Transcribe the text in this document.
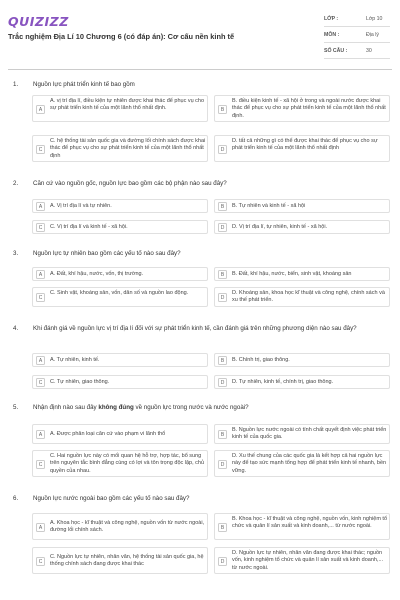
QUIZIZZ
Trắc nghiệm Địa Lí 10 Chương 6 (có đáp án): Cơ cấu nền kinh tế
LỚP :	Lớp 10
MÔN :	Địa lý
SỐ CÂU :	30
1. Nguồn lực phát triển kinh tế bao gồm
A
A. vị trí địa lí, điều kiện tự nhiên được khai thác để phục vụ cho sự phát triển kinh tế của một lãnh thổ nhất định.	B
B. điều kiện kinh tế - xã hội ở trong và ngoài nước được khai thác để phục vụ cho sự phát triển kinh tế của một lãnh thổ nhất định.
C
C. hệ thống tài sản quốc gia và đường lối chính sách được khai thác để phục vụ cho sự phát triển kinh tế của một lãnh thổ nhất định
D
D. tất cả những gì có thể được khai thác để phục vụ cho sự phát triển kinh tế của một lãnh thổ nhất định
2. Căn cứ vào nguồn gốc, nguồn lực bao gồm các bộ phận nào sau đây?
A	A. Vị trí địa lí và tự nhiên.	B	B. Tự nhiên và kinh tế - xã hội
C	C. Vị trí địa lí và kinh tế - xã hội.	D	D. Vị trí địa lí, tự nhiên, kinh tế - xã hội.
3. Nguồn lực tự nhiên bao gồm các yếu tố nào sau đây?
A	A. Đất, khí hậu, nước, vốn, thị trường.	B	B. Đất, khí hậu, nước, biển, sinh vật, khoáng sản
C
C. Sinh vật, khoáng sản, vốn, dân số và nguồn lao động.
D
D. Khoáng sản, khoa học kĩ thuật và công nghệ, chính sách và xu thế phát triển.
4. Khi đánh giá về nguồn lực vị trí địa lí đối với sự phát triển kinh tế, cần đánh giá trên những phương diện nào sau đây?
A	A. Tự nhiên, kinh tế.	B	B. Chính trị, giao thông.
C	C. Tự nhiên, giao thông.	D	D. Tự nhiên, kinh tế, chính trị, giao thông.
5. Nhận định nào sau đây không đúng về nguồn lực trong nước và nước ngoài?
A	A. Được phân loại căn cứ vào phạm vi lãnh thổ	B
B. Nguồn lực nước ngoài có tính chất quyết định việc phát triển kinh tế của quốc gia.
C
C. Hai nguồn lực này có mối quan hệ hỗ trợ, hợp tác, bổ sung trên nguyên tắc bình đẳng cùng có lợi và tôn trọng độc lập, chủ quyền của nhau.
D
D. Xu thế chung của các quốc gia là kết hợp cả hai nguồn lực này để tạo sức mạnh tổng hợp để phát triển kinh tế nhanh, bền vững.
6. Nguồn lực nước ngoài bao gồm các yếu tố nào sau đây?
A
A. Khoa học - kĩ thuật và công nghệ, nguồn vốn từ nước ngoài, đường lối chính sách.	B
B. Khoa học - kĩ thuật và công nghệ, nguồn vốn, kinh nghiệm tổ chức và quản lí sản xuất và kinh doanh,... từ nước ngoài.
C
C. Nguồn lực tự nhiên, nhân văn, hệ thống tài sản quốc gia, hệ thống chính sách đang được khai thác	D
D. Nguồn lực tự nhiên, nhân văn đang được khai thác; nguồn vốn, kinh nghiệm tổ chức và quản lí sản xuất và kinh doanh,... từ nước ngoài.
